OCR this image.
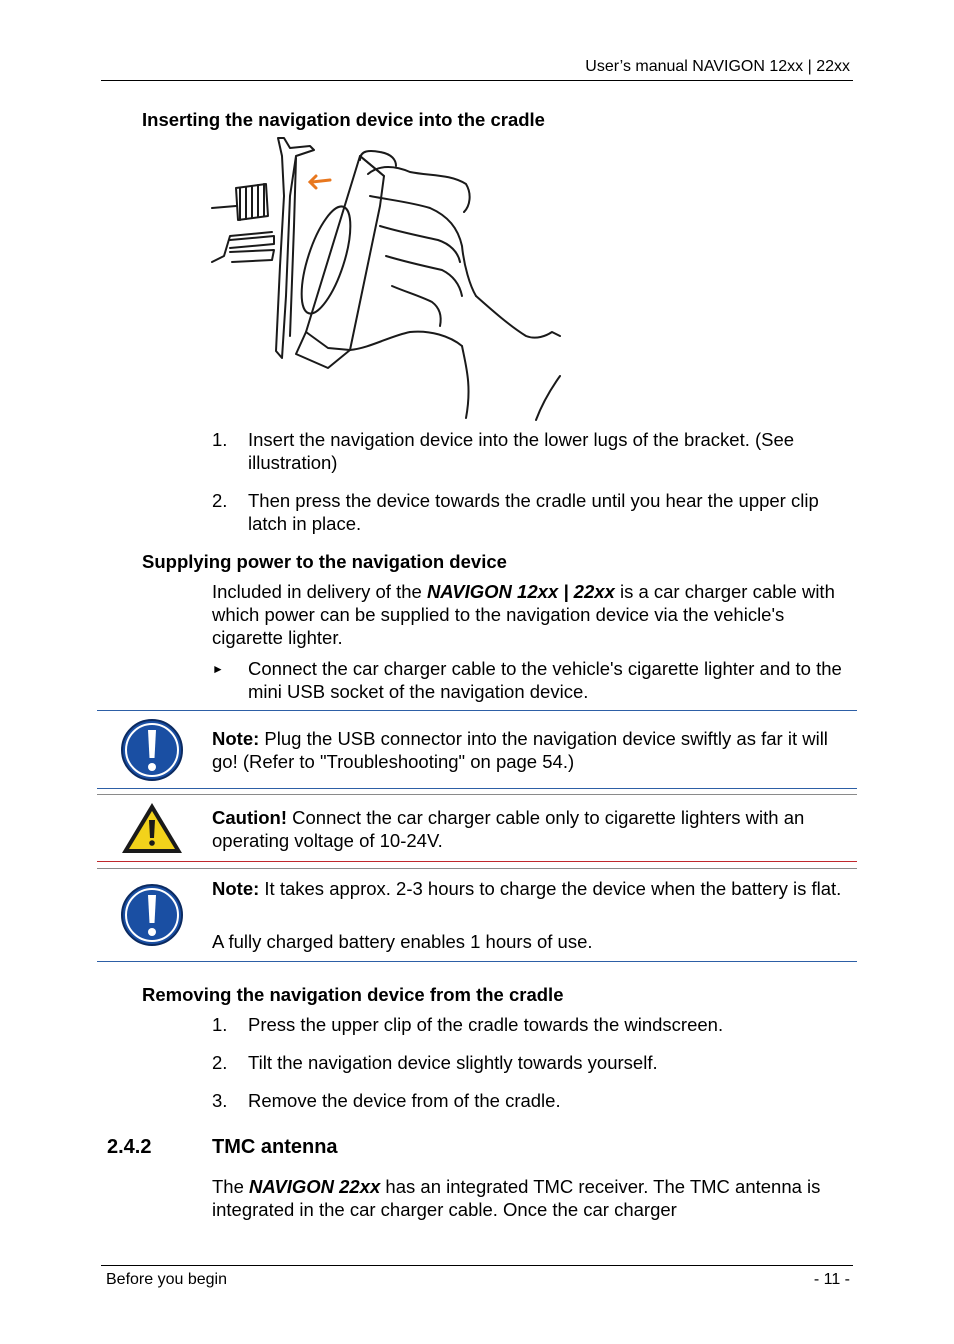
User’s manual NAVIGON 12xx | 22xx
Inserting the navigation device into the cradle
1.	Insert the navigation device into the lower lugs of the bracket. (See illustration)
2.	Then press the device towards the cradle until you hear the upper clip latch in place.
Supplying power to the navigation device
Included in delivery of the NAVIGON 12xx | 22xx is a car charger cable with which power can be supplied to the navigation device via the vehicle's cigarette lighter.
►	Connect the car charger cable to the vehicle's cigarette lighter and to the mini USB socket of the navigation device.
Note: Plug the USB connector into the navigation device swiftly as far it will go! (Refer to "Troubleshooting" on page 54.)
Caution! Connect the car charger cable only to cigarette lighters with an operating voltage of 10-24V.
Note: It takes approx. 2-3 hours to charge the device when the battery is flat.
A fully charged battery enables 1 hours of use.
Removing the navigation device from the cradle
1.	Press the upper clip of the cradle towards the windscreen.
2.	Tilt the navigation device slightly towards yourself.
3.	Remove the device from of the cradle.
2.4.2	TMC antenna
The NAVIGON 22xx has an integrated TMC receiver. The TMC antenna is integrated in the car charger cable. Once the car charger
Before you begin	- 11 -
